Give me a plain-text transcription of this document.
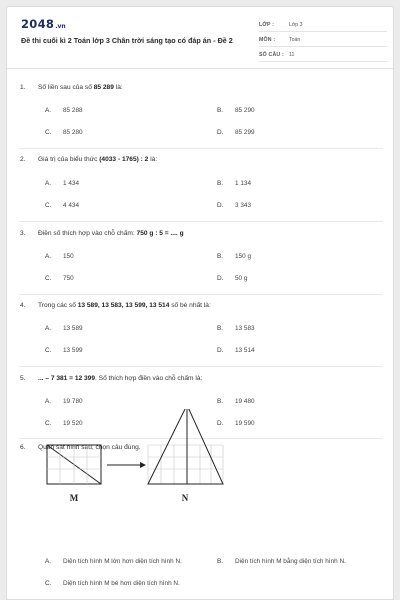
2048.vn
Đề thi cuối kì 2 Toán lớp 3 Chân trời sáng tạo có đáp án - Đề 2
LỚP :	Lớp 3
MÔN :	Toán
SỐ CÂU : 11
1. Số liền sau của số 85 289 là:
A. 85 288	B. 85 290
C. 85 280	D. 85 299
2. Giá trị của biểu thức (4033 - 1765) : 2 là:
A. 1 434	B. 1 134
C. 4 434	D. 3 343
3. Điền số thích hợp vào chỗ chấm: 750 g : 5 = .... g
A. 150	B. 150 g
C. 750	D. 50 g
4. Trong các số 13 589, 13 583, 13 599, 13 514 số bé nhất là:
A. 13 589	B. 13 583
C. 13 599	D. 13 514
5. ... – 7 381 = 12 399. Số thích hợp điền vào chỗ chấm là:
A. 19 780	B. 19 480
C. 19 520	D. 19 590
6. Quan sát hình sau, chọn câu đúng.
M	N
A. Diện tích hình M lớn hơn diện tích hình N.	B. Diện tích hình M bằng diện tích hình N.
C. Diện tích hình M bé hơn diện tích hình N.
